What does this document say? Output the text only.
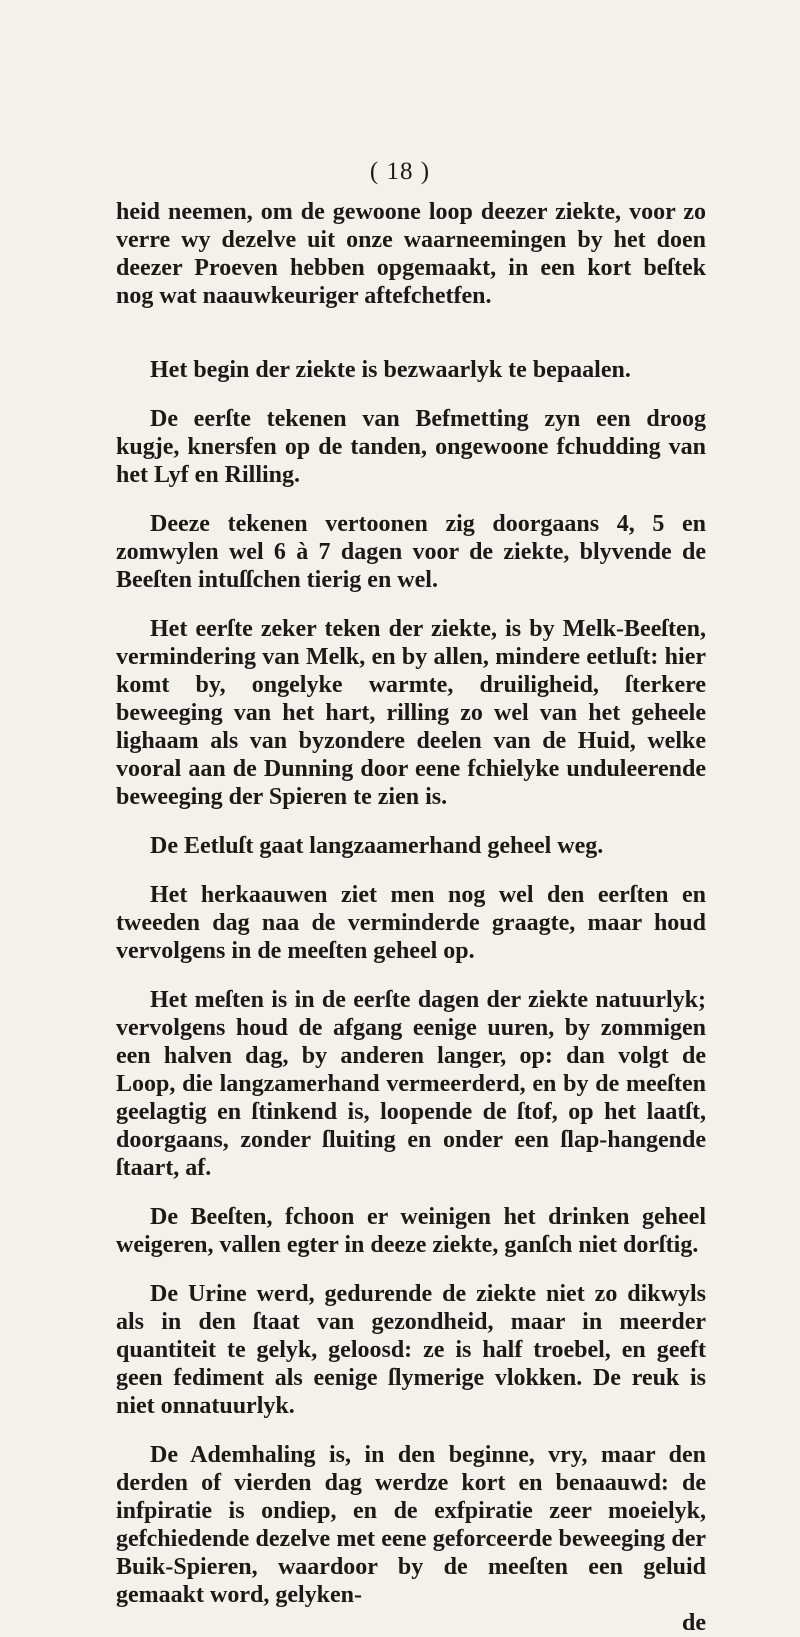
( 18 )

heid neemen, om de gewoone loop deezer ziekte, voor zo verre wy dezelve uit onze waarneemingen by het doen deezer Proeven hebben opgemaakt, in een kort beſtek nog wat naauwkeuriger aftefchetfen.

Het begin der ziekte is bezwaarlyk te bepaalen.

De eerſte tekenen van Befmetting zyn een droog kugje, knersfen op de tanden, ongewoone fchudding van het Lyf en Rilling.

Deeze tekenen vertoonen zig doorgaans 4, 5 en zomwylen wel 6 à 7 dagen voor de ziekte, blyvende de Beeſten intuſſchen tierig en wel.

Het eerſte zeker teken der ziekte, is by Melk-Beeſten, vermindering van Melk, en by allen, mindere eetluſt: hier komt by, ongelyke warmte, druiligheid, ſterkere beweeging van het hart, rilling zo wel van het geheele lighaam als van byzondere deelen van de Huid, welke vooral aan de Dunning door eene fchielyke unduleerende beweeging der Spieren te zien is.

De Eetluſt gaat langzaamerhand geheel weg.

Het herkaauwen ziet men nog wel den eerſten en tweeden dag naa de verminderde graagte, maar houd vervolgens in de meeſten geheel op.

Het meſten is in de eerſte dagen der ziekte natuurlyk; vervolgens houd de afgang eenige uuren, by zommigen een halven dag, by anderen langer, op: dan volgt de Loop, die langzamerhand vermeerderd, en by de meeſten geelagtig en ſtinkend is, loopende de ſtof, op het laatſt, doorgaans, zonder ſluiting en onder een ſlap-hangende ſtaart, af.

De Beeſten, fchoon er weinigen het drinken geheel weigeren, vallen egter in deeze ziekte, ganſch niet dorſtig.

De Urine werd, gedurende de ziekte niet zo dikwyls als in den ſtaat van gezondheid, maar in meerder quantiteit te gelyk, geloosd: ze is half troebel, en geeft geen fediment als eenige ſlymerige vlokken. De reuk is niet onnatuurlyk.

De Ademhaling is, in den beginne, vry, maar den derden of vierden dag werdze kort en benaauwd: de infpiratie is ondiep, en de exfpiratie zeer moeielyk, gefchiedende dezelve met eene geforceerde beweeging der Buik-Spieren, waardoor by de meeſten een geluid gemaakt word, gelyken-

de
